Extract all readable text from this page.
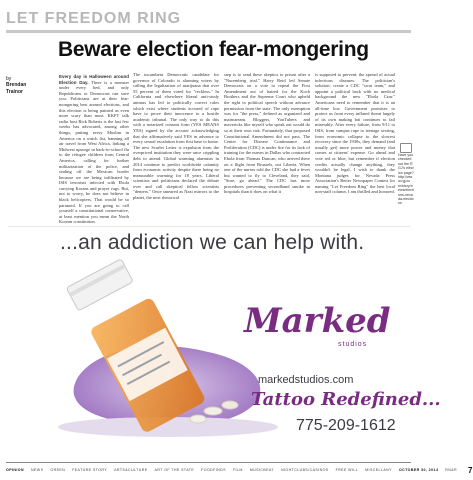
LET FREEDOM RING
Beware election fear-mongering
by
Brendan
Trainor

Every day is Halloween around Election Day. There is a monster under every bed, and only Republicans or Democrats can save you. Politicians are at their fear-mongering best around elections, and this election is being painted as even more scary than most. KKFT talk radio host Rick Roberts is the last few weeks has advocated, among other things, putting every Muslim in America on a watch list, banning all air travel from West Africa, linking a Midwest upsurge in back-to-school flu to the refugee children from Central America, calling for further militarization of the police, and sealing off the Mexican border because we are being infiltrated by ISIS terrorists infected with Ebola carrying Korans and prayer rugs. But, not to worry, he does not believe in black helicopters. That would be so paranoid. If you are going to call yourself a constitutional conservative, at least mention you mean the North Korean constitution.

The incumbent Democratic candidate for governor of Colorado is alarming voters by calling the legalization of marijuana that over 55 percent of them voted for "reckless." In California and elsewhere liberal anti-study animus has led to politically correct rules which exist where students accused of rape have to prove their innocence to a hostile academic tribunal. The only way to do this with a notarized consent form (YES MEANS YES) signed by the accuser acknowledging that she affirmatively said YES in advance to every sexual escalation from first base to home. The new Scarlet Letter is expulsion from the overpriced institution they were once crippling debt to attend. Global warming alarmists in 2014 continue to predict worldwide calamity from economic activity despite there being no measurable warming for 18 years. Liberal scientists and politicians declared the debate over and call skeptical fellow scientists "deniers." Once smeared as Nazi mirrors to the planet, the next rhetorical

step is to send these skeptics to prison after a "Nuremberg trial." Harry Reid led Senate Democrats on a vote to repeal the First Amendment out of hatred for the Koch Brothers and the Supreme Court who upheld the right to political speech without advance permission from the state. The only exemption was for "the press," defined as organized and mainstream. Bloggers, YouTubers and mavericks like myself who speak out would do so at their own risk. Fortunately, that proposed Constitutional Amendment did not pass. The Center for Disease Continuance and Proliferation (CDC) is under fire for its lack of training for the nurses in Dallas who contracted Ebola from Thomas Duncan, who arrived there on a flight from Brussels, not Liberia. When one of the nurses told the CDC she had a fever but wanted to fly to Cleveland, they said, "Sure, go ahead." The CDC has more procedures preventing secondhand smoke in hospitals than it does on what it

is supposed to prevent: the spread of actual infectious diseases. The politician's solution: create a CDC "swat team," and appoint a political hack with no medical background the new "Ebola Czar." Americans need to remember that it is an all-time low. Government promises to protect us from every inflated threat largely of its own making but continues to fail miserably. After every failure, from 9/11 to ISIS, from campus rape to teenage sexting, from economic collapse to the slowest recovery since the 1930s, they demand (and usually get) more power and money that comes at citizens' expense. Go ahead and vote red or blue, but remember if election credits actually change anything, they wouldn't be legal. I wish to thank the Montana judges for Nevada Press Association's Better Newspaper Contest for naming "Let Freedom Ring" the best local non-staff column. I am thrilled and honored.

Have you checked out the RGJ's election page? http://www.rgj.com/story/news/elections-nevada-elections
...an addiction we can help with.
Marked
studios
markedstudios.com
Tattoo Redefined...
775-209-1612
OPINION NEWS GREEN FEATURE STORY ARTS&CULTURE ART OF THE STATE FOODFINDS FILM MUSICBEAT NIGHTCLUBS/CASINOS FREE WILL MISCELLANY OCTOBER 30, 2014 RN&R 7
